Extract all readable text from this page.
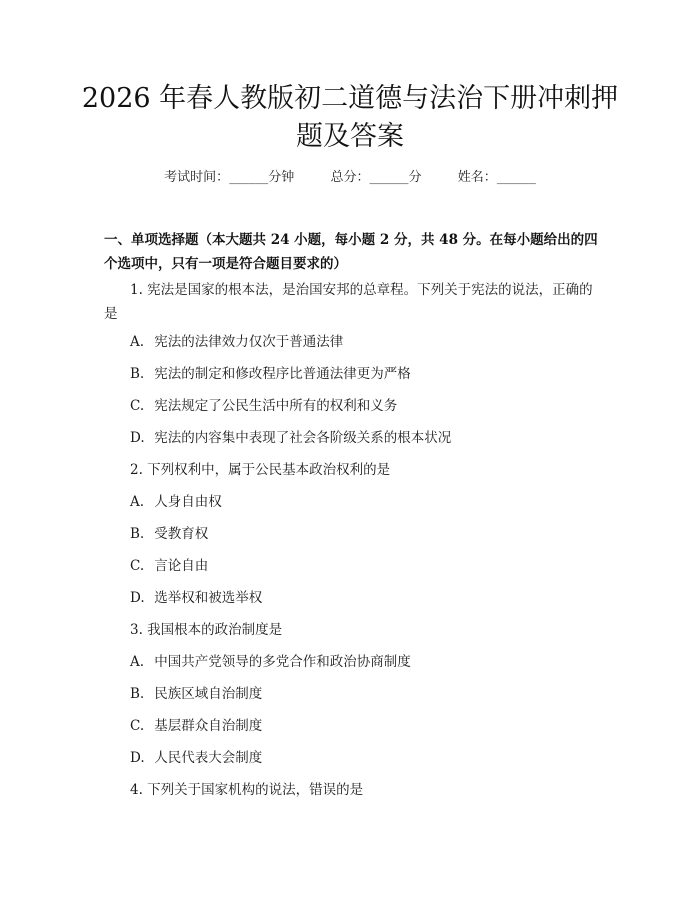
2026 年春人教版初二道德与法治下册冲刺押
题及答案
考试时间：______分钟	总分：______分	姓名：______

一、单项选择题（本大题共 24 小题，每小题 2 分，共 48 分。在每小题给出的四个选项中，只有一项是符合题目要求的）

1. 宪法是国家的根本法，是治国安邦的总章程。下列关于宪法的说法，正确的是

A. 宪法的法律效力仅次于普通法律
B. 宪法的制定和修改程序比普通法律更为严格
C. 宪法规定了公民生活中所有的权利和义务
D. 宪法的内容集中表现了社会各阶级关系的根本状况
2. 下列权利中，属于公民基本政治权利的是
A. 人身自由权
B. 受教育权
C. 言论自由
D. 选举权和被选举权
3. 我国根本的政治制度是
A. 中国共产党领导的多党合作和政治协商制度
B. 民族区域自治制度
C. 基层群众自治制度
D. 人民代表大会制度
4. 下列关于国家机构的说法，错误的是
